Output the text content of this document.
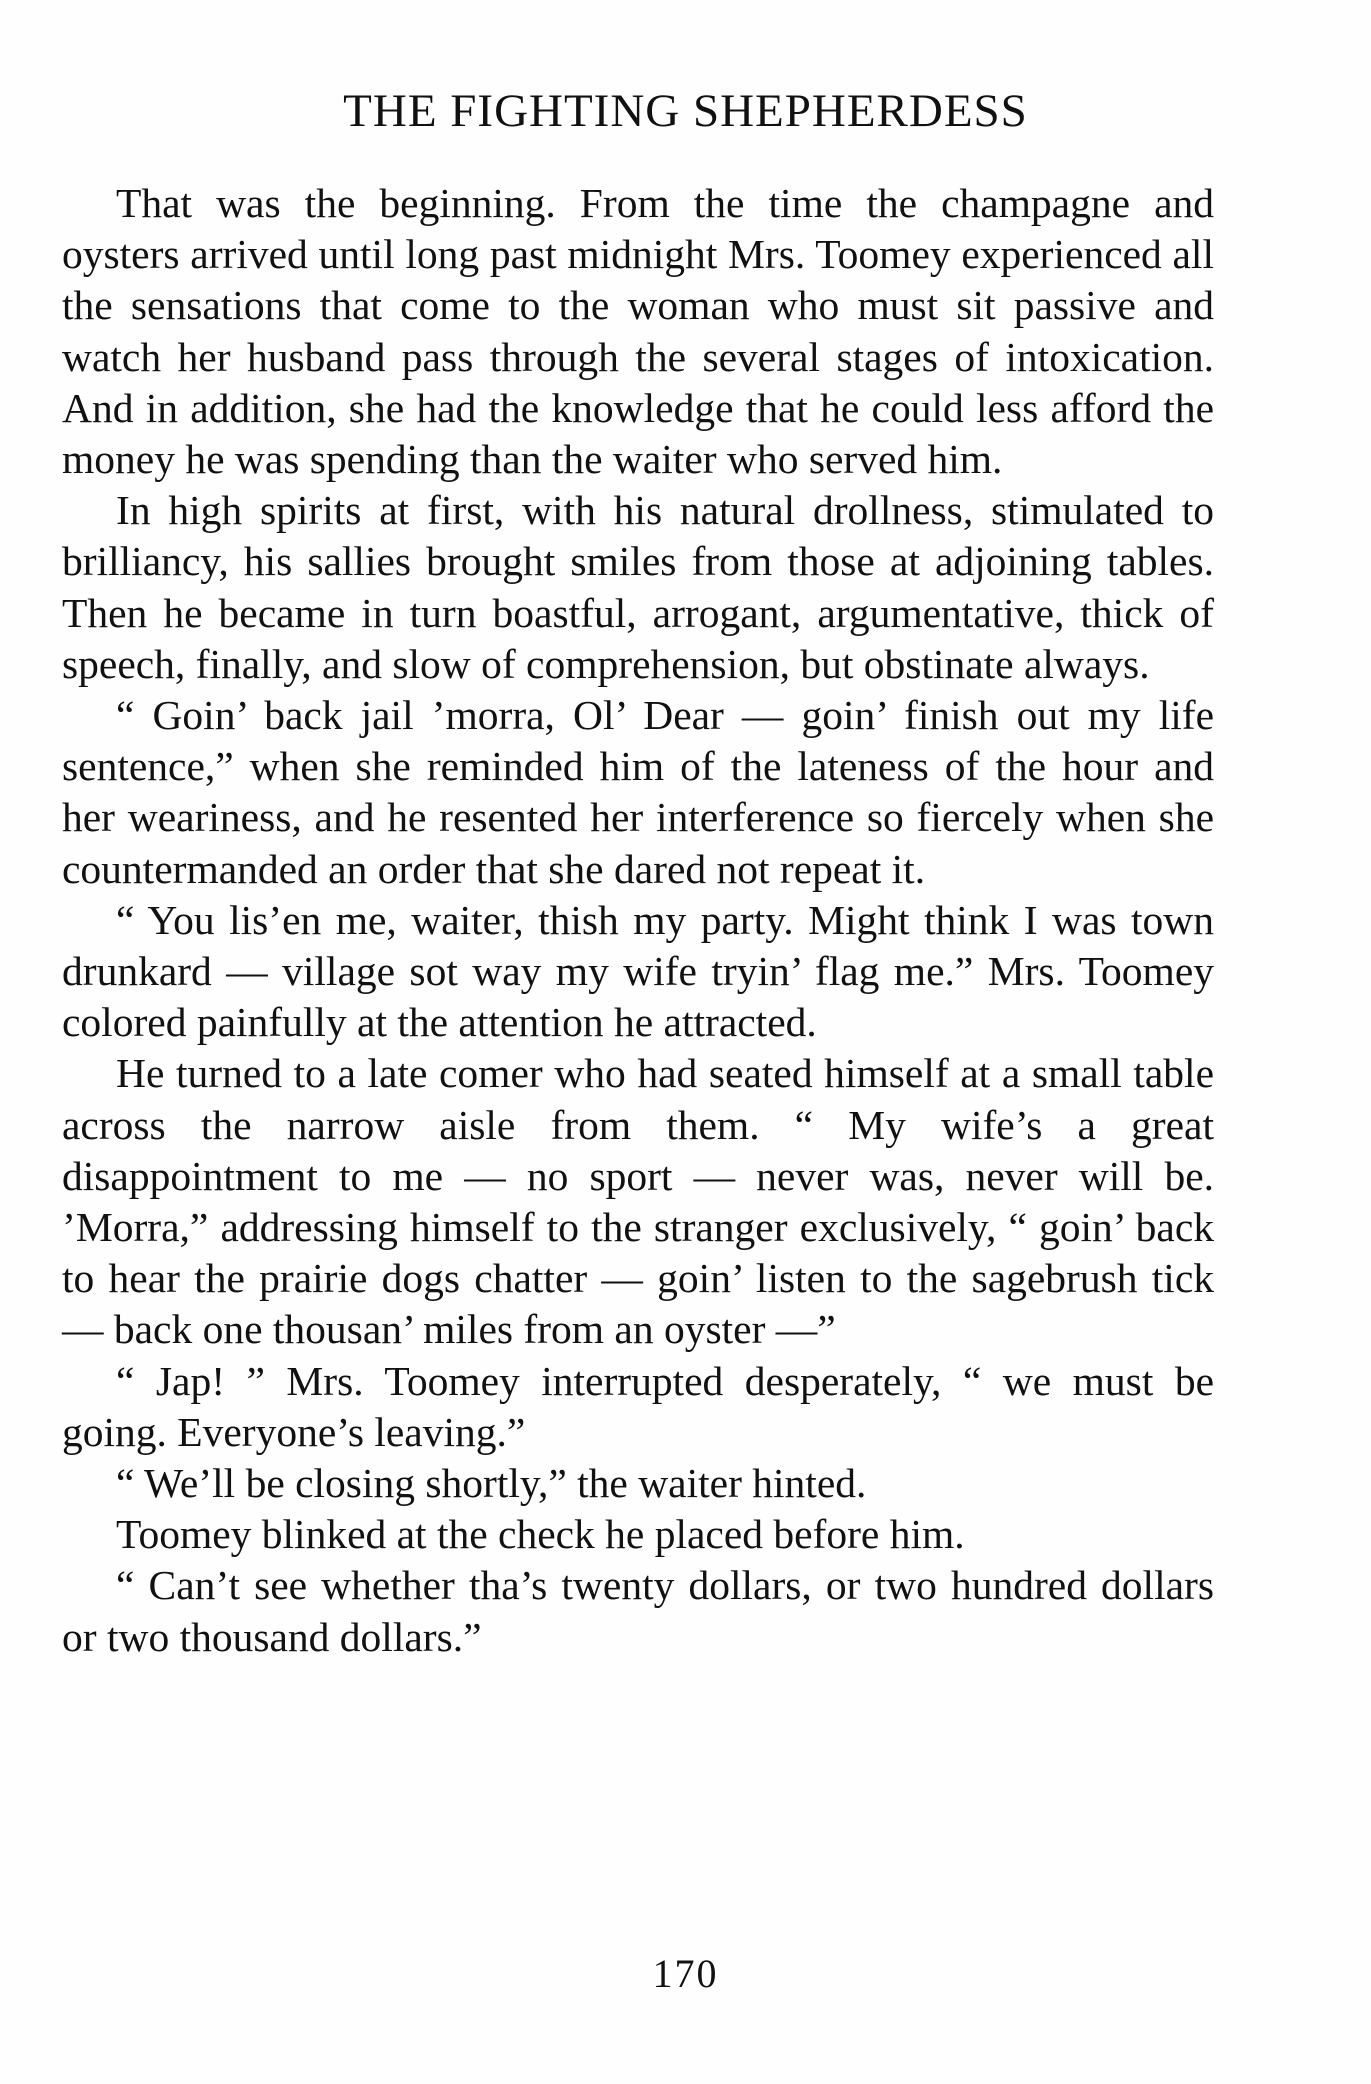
THE FIGHTING SHEPHERDESS

That was the beginning. From the time the champagne and oysters arrived until long past midnight Mrs. Toomey experienced all the sensations that come to the woman who must sit passive and watch her husband pass through the several stages of intoxication. And in addition, she had the knowledge that he could less afford the money he was spending than the waiter who served him.

In high spirits at first, with his natural drollness, stimulated to brilliancy, his sallies brought smiles from those at adjoining tables. Then he became in turn boastful, arrogant, argumentative, thick of speech, finally, and slow of comprehension, but obstinate always.

“ Goin’ back jail ’morra, Ol’ Dear — goin’ finish out my life sentence,” when she reminded him of the lateness of the hour and her weariness, and he resented her interference so fiercely when she countermanded an order that she dared not repeat it.

“ You lis’en me, waiter, thish my party. Might think I was town drunkard — village sot way my wife tryin’ flag me.” Mrs. Toomey colored painfully at the attention he attracted.

He turned to a late comer who had seated himself at a small table across the narrow aisle from them. “ My wife’s a great disappointment to me — no sport — never was, never will be. ’Morra,” addressing himself to the stranger exclusively, “ goin’ back to hear the prairie dogs chatter — goin’ listen to the sagebrush tick — back one thousan’ miles from an oyster —”

“ Jap! ” Mrs. Toomey interrupted desperately, “ we must be going. Everyone’s leaving.”

“ We’ll be closing shortly,” the waiter hinted.

Toomey blinked at the check he placed before him.

“ Can’t see whether tha’s twenty dollars, or two hundred dollars or two thousand dollars.”

170
